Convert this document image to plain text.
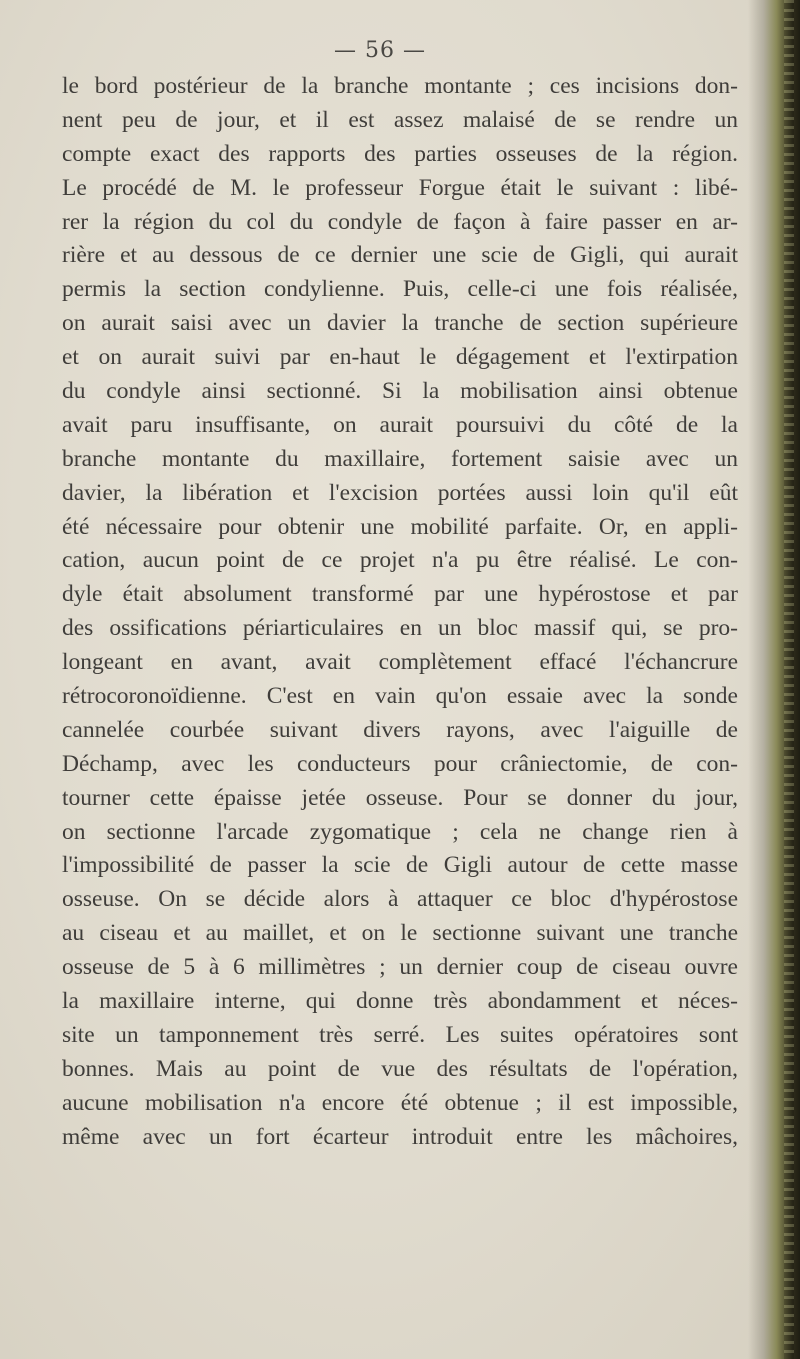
— 56 —

le bord postérieur de la branche montante ; ces incisions don-
nent peu de jour, et il est assez malaisé de se rendre un
compte exact des rapports des parties osseuses de la région.
Le procédé de M. le professeur Forgue était le suivant : libé-
rer la région du col du condyle de façon à faire passer en ar-
rière et au dessous de ce dernier une scie de Gigli, qui aurait
permis la section condylienne. Puis, celle-ci une fois réalisée,
on aurait saisi avec un davier la tranche de section supérieure
et on aurait suivi par en-haut le dégagement et l'extirpation
du condyle ainsi sectionné. Si la mobilisation ainsi obtenue
avait paru insuffisante, on aurait poursuivi du côté de la
branche montante du maxillaire, fortement saisie avec un
davier, la libération et l'excision portées aussi loin qu'il eût
été nécessaire pour obtenir une mobilité parfaite. Or, en appli-
cation, aucun point de ce projet n'a pu être réalisé. Le con-
dyle était absolument transformé par une hypérostose et par
des ossifications périarticulaires en un bloc massif qui, se pro-
longeant en avant, avait complètement effacé l'échancrure
rétrocoronoïdienne. C'est en vain qu'on essaie avec la sonde
cannelée courbée suivant divers rayons, avec l'aiguille de
Déchamp, avec les conducteurs pour crâniectomie, de con-
tourner cette épaisse jetée osseuse. Pour se donner du jour,
on sectionne l'arcade zygomatique ; cela ne change rien à
l'impossibilité de passer la scie de Gigli autour de cette masse
osseuse. On se décide alors à attaquer ce bloc d'hypérostose
au ciseau et au maillet, et on le sectionne suivant une tranche
osseuse de 5 à 6 millimètres ; un dernier coup de ciseau ouvre
la maxillaire interne, qui donne très abondamment et néces-
site un tamponnement très serré. Les suites opératoires sont
bonnes. Mais au point de vue des résultats de l'opération,
aucune mobilisation n'a encore été obtenue ; il est impossible,
même avec un fort écarteur introduit entre les mâchoires,
